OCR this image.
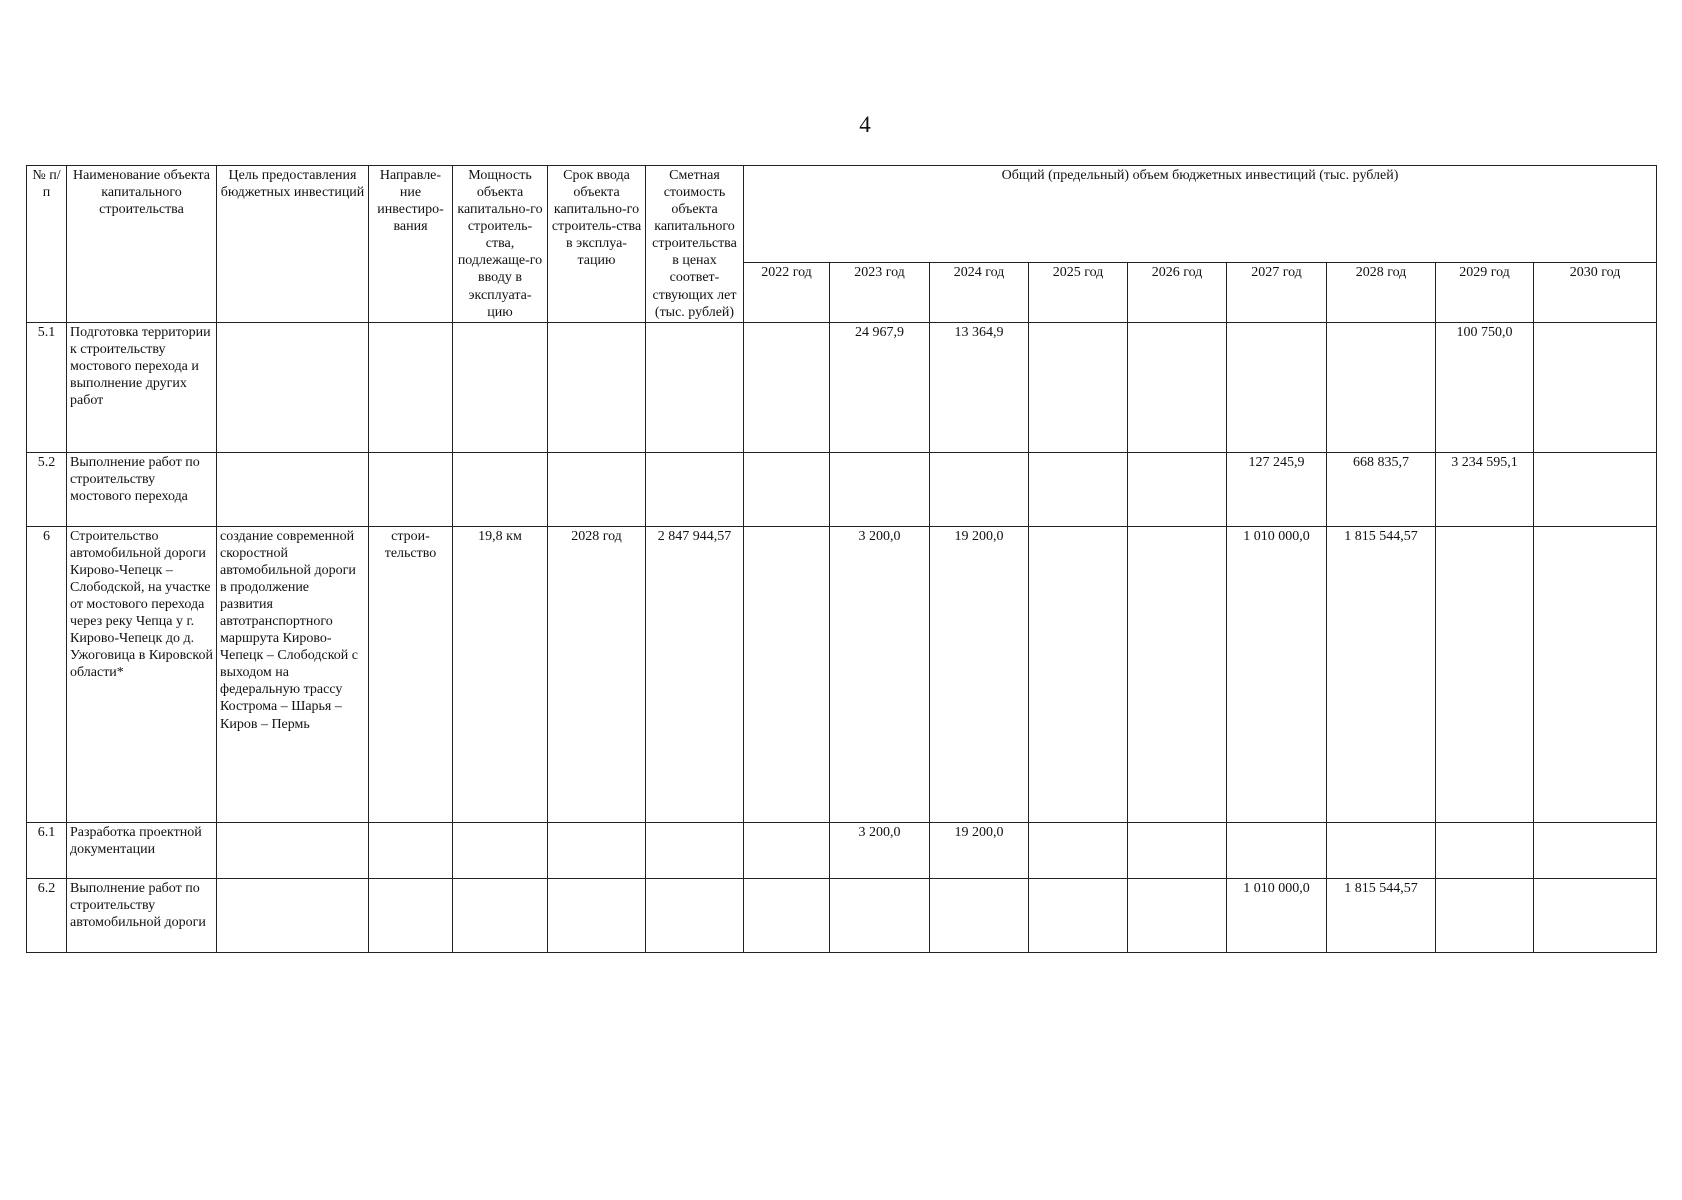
4
№ п/п	Наименование объекта капитального строительства	Цель предоставления бюджетных инвестиций	Направле-ние инвестиро-вания	Мощность объекта капитально-го строитель-ства, подлежаще-го вводу в эксплуата-цию	Срок ввода объекта капитально-го строитель-ства в эксплуа-тацию	Сметная стоимость объекта капитального строительства в ценах соответ-ствующих лет (тыс. рублей)	Общий (предельный) объем бюджетных инвестиций (тыс. рублей)								
							2022 год	2023 год	2024 год	2025 год	2026 год	2027 год	2028 год	2029 год	2030 год
5.1	Подготовка территории к строительству мостового перехода и выполнение других работ							24 967,9	13 364,9					100 750,0	
5.2	Выполнение работ по строительству мостового перехода											127 245,9	668 835,7	3 234 595,1	
6	Строительство автомобильной дороги Кирово-Чепецк – Слободской, на участке от мостового перехода через реку Чепца у г. Кирово-Чепецк до д. Ужоговица в Кировской области*	создание современной скоростной автомобильной дороги в продолжение развития автотранспортного маршрута Кирово-Чепецк – Слободской с выходом на федеральную трассу Кострома – Шарья – Киров – Пермь	строи-тельство	19,8 км	2028 год	2 847 944,57		3 200,0	19 200,0			1 010 000,0	1 815 544,57		
6.1	Разработка проектной документации							3 200,0	19 200,0						
6.2	Выполнение работ по строительству автомобильной дороги											1 010 000,0	1 815 544,57		
